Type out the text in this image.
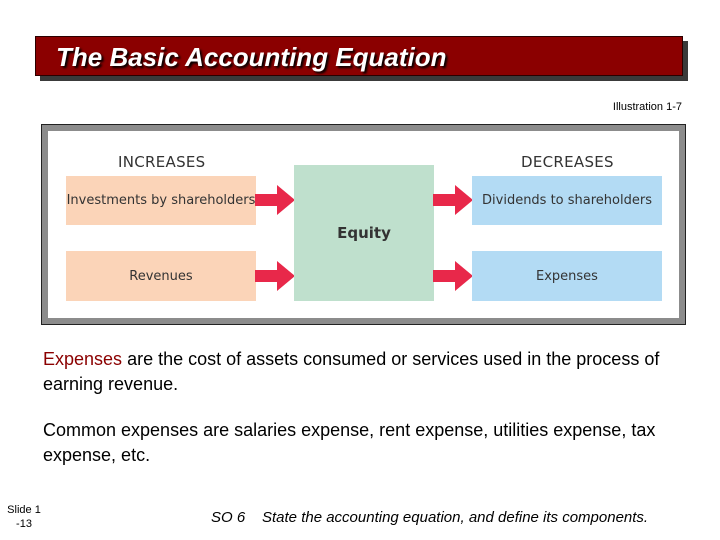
The Basic Accounting Equation
Illustration 1-7
INCREASES	DECREASES
Investments by shareholders
Revenues
Equity
Dividends to shareholders
Expenses
Expenses are the cost of assets consumed or services used in the process of earning revenue.
Common expenses are salaries expense, rent expense, utilities expense, tax expense, etc.
Slide 1
-13	SO 6 State the accounting equation, and define its components.
